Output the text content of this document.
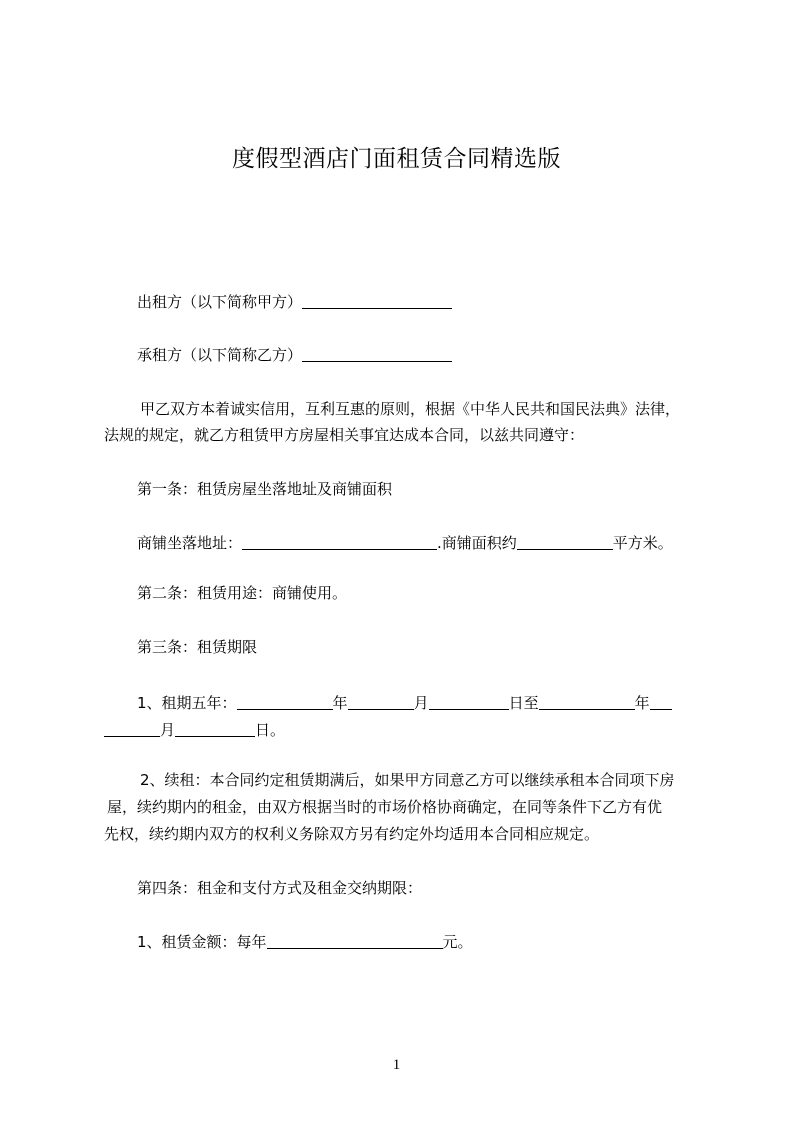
度假型酒店门面租赁合同精选版
出租方（以下简称甲方）
承租方（以下简称乙方）
甲乙双方本着诚实信用，互利互惠的原则，根据《中华人民共和国民法典》法律，
法规的规定，就乙方租赁甲方房屋相关事宜达成本合同，以兹共同遵守：
第一条：租赁房屋坐落地址及商铺面积
商铺坐落地址：	.商铺面积约	平方米。
第二条：租赁用途：商铺使用。
第三条：租赁期限
1、租期五年：	年	月	日至	年
月	日。
2、续租：本合同约定租赁期满后，如果甲方同意乙方可以继续承租本合同项下房
屋，续约期内的租金，由双方根据当时的市场价格协商确定，在同等条件下乙方有优
先权，续约期内双方的权利义务除双方另有约定外均适用本合同相应规定。
第四条：租金和支付方式及租金交纳期限：
1、租赁金额：每年	元。
1
